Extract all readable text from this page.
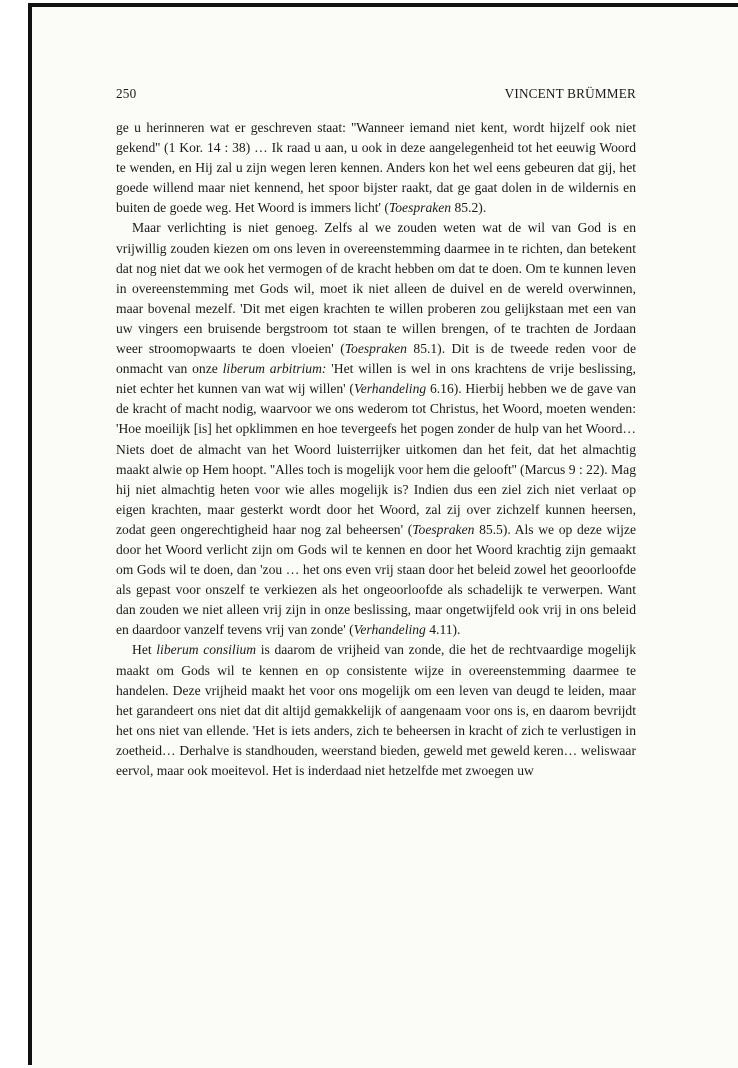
250	VINCENT BRÜMMER

ge u herinneren wat er geschreven staat: ''Wanneer iemand niet kent, wordt hijzelf ook niet gekend'' (1 Kor. 14 : 38) … Ik raad u aan, u ook in deze aangelegenheid tot het eeuwig Woord te wenden, en Hij zal u zijn wegen leren kennen. Anders kon het wel eens gebeuren dat gij, het goede willend maar niet kennend, het spoor bijster raakt, dat ge gaat dolen in de wildernis en buiten de goede weg. Het Woord is immers licht' (Toespraken 85.2).

Maar verlichting is niet genoeg. Zelfs al we zouden weten wat de wil van God is en vrijwillig zouden kiezen om ons leven in overeenstemming daarmee in te richten, dan betekent dat nog niet dat we ook het vermogen of de kracht hebben om dat te doen. Om te kunnen leven in overeenstemming met Gods wil, moet ik niet alleen de duivel en de wereld overwinnen, maar bovenal mezelf. 'Dit met eigen krachten te willen proberen zou gelijkstaan met een van uw vingers een bruisende bergstroom tot staan te willen brengen, of te trachten de Jordaan weer stroomopwaarts te doen vloeien' (Toespraken 85.1). Dit is de tweede reden voor de onmacht van onze liberum arbitrium: 'Het willen is wel in ons krachtens de vrije beslissing, niet echter het kunnen van wat wij willen' (Verhandeling 6.16). Hierbij hebben we de gave van de kracht of macht nodig, waarvoor we ons wederom tot Christus, het Woord, moeten wenden: 'Hoe moeilijk [is] het opklimmen en hoe tevergeefs het pogen zonder de hulp van het Woord… Niets doet de almacht van het Woord luisterrijker uitkomen dan het feit, dat het almachtig maakt alwie op Hem hoopt. ''Alles toch is mogelijk voor hem die gelooft'' (Marcus 9 : 22). Mag hij niet almachtig heten voor wie alles mogelijk is? Indien dus een ziel zich niet verlaat op eigen krachten, maar gesterkt wordt door het Woord, zal zij over zichzelf kunnen heersen, zodat geen ongerechtigheid haar nog zal beheersen' (Toespraken 85.5). Als we op deze wijze door het Woord verlicht zijn om Gods wil te kennen en door het Woord krachtig zijn gemaakt om Gods wil te doen, dan 'zou … het ons even vrij staan door het beleid zowel het geoorloofde als gepast voor onszelf te verkiezen als het ongeoorloofde als schadelijk te verwerpen. Want dan zouden we niet alleen vrij zijn in onze beslissing, maar ongetwijfeld ook vrij in ons beleid en daardoor vanzelf tevens vrij van zonde' (Verhandeling 4.11).

Het liberum consilium is daarom de vrijheid van zonde, die het de rechtvaardige mogelijk maakt om Gods wil te kennen en op consistente wijze in overeenstemming daarmee te handelen. Deze vrijheid maakt het voor ons mogelijk om een leven van deugd te leiden, maar het garandeert ons niet dat dit altijd gemakkelijk of aangenaam voor ons is, en daarom bevrijdt het ons niet van ellende. 'Het is iets anders, zich te beheersen in kracht of zich te verlustigen in zoetheid… Derhalve is standhouden, weerstand bieden, geweld met geweld keren… weliswaar eervol, maar ook moeitevol. Het is inderdaad niet hetzelfde met zwoegen uw
